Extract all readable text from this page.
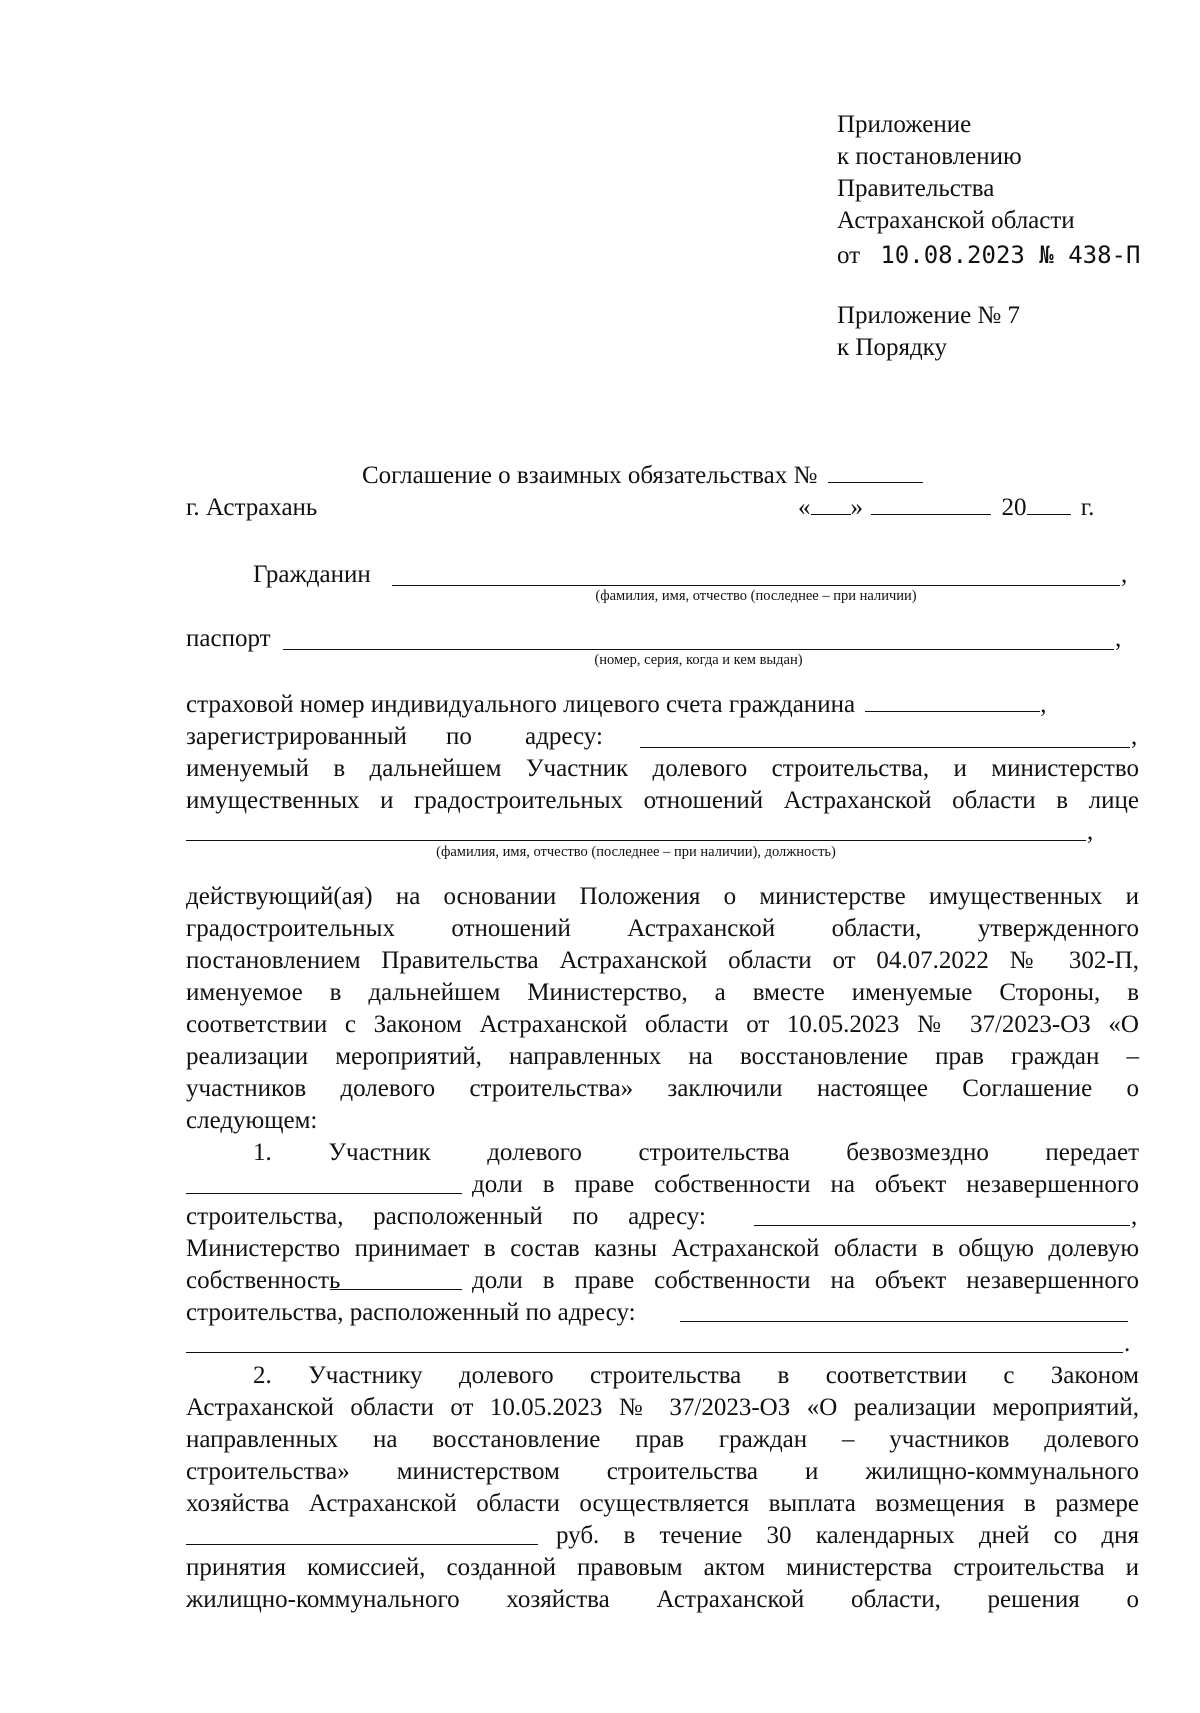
Приложение
к постановлению
Правительства
Астраханской области
от 10.08.2023 № 438-П
Приложение № 7
к Порядку
Соглашение о взаимных обязательствах №
г. Астрахань	« »	20 г.
Гражданин	,
(фамилия, имя, отчество (последнее – при наличии)
паспорт	,
(номер, серия, когда и кем выдан)
страховой номер индивидуального лицевого счета гражданина	,
зарегистрированный по адресу:	,
именуемый в дальнейшем Участник долевого строительства, и министерство
имущественных и градостроительных отношений Астраханской области в лице
,
(фамилия, имя, отчество (последнее – при наличии), должность)
действующий(ая) на основании Положения о министерстве имущественных и
градостроительных отношений Астраханской области, утвержденного
постановлением Правительства Астраханской области от 04.07.2022 № 302-П,
именуемое в дальнейшем Министерство, а вместе именуемые Стороны, в
соответствии с Законом Астраханской области от 10.05.2023 № 37/2023-ОЗ «О
реализации мероприятий, направленных на восстановление прав граждан –
участников долевого строительства» заключили настоящее Соглашение о
следующем:
1. Участник долевого строительства безвозмездно передает
доли в праве собственности на объект незавершенного
строительства, расположенный по адресу:	,
Министерство принимает в состав казны Астраханской области в общую долевую
собственность	доли в праве собственности на объект незавершенного
строительства, расположенный по адресу:
.
2. Участнику долевого строительства в соответствии с Законом
Астраханской области от 10.05.2023 № 37/2023-ОЗ «О реализации мероприятий,
направленных на восстановление прав граждан – участников долевого
строительства» министерством строительства и жилищно-коммунального
хозяйства Астраханской области осуществляется выплата возмещения в размере
руб. в течение 30 календарных дней со дня
принятия комиссией, созданной правовым актом министерства строительства и
жилищно-коммунального хозяйства Астраханской области, решения о
